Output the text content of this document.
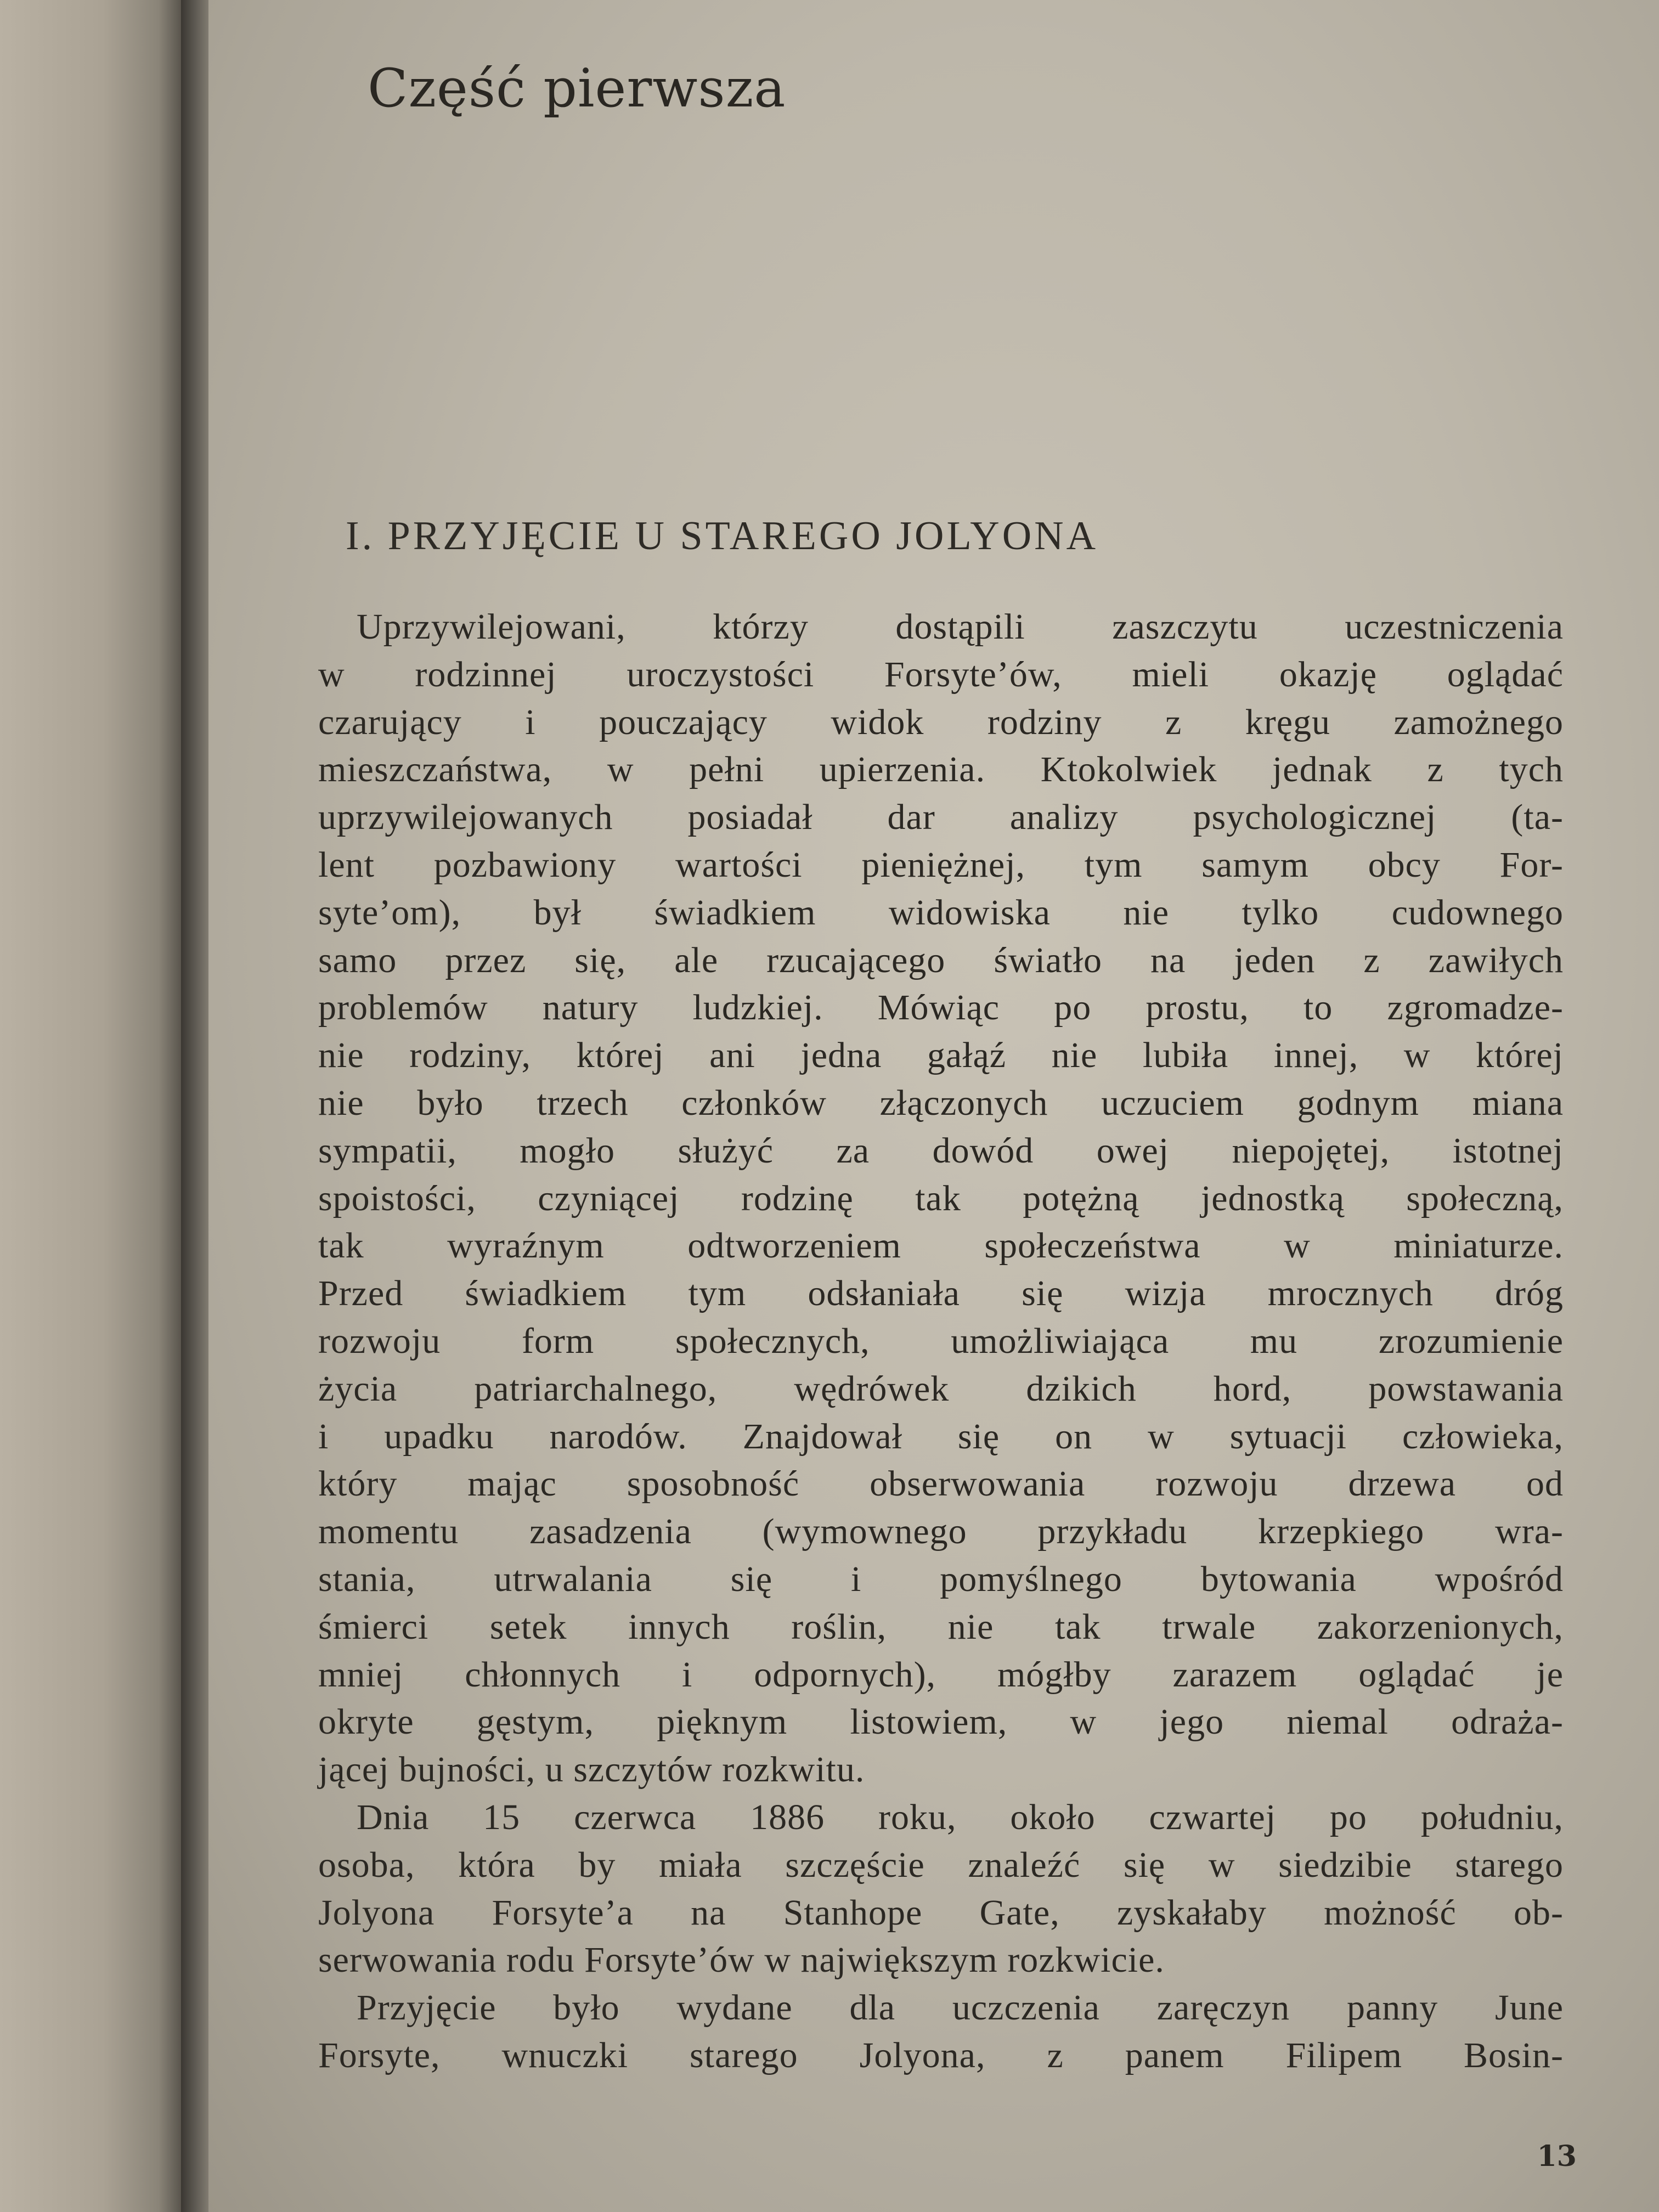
Część pierwsza
I. PRZYJĘCIE U STAREGO JOLYONA
Uprzywilejowani, którzy dostąpili zaszczytu uczestniczenia
w rodzinnej uroczystości Forsyte’ów, mieli okazję oglądać
czarujący i pouczający widok rodziny z kręgu zamożnego
mieszczaństwa, w pełni upierzenia. Ktokolwiek jednak z tych
uprzywilejowanych posiadał dar analizy psychologicznej (ta-
lent pozbawiony wartości pieniężnej, tym samym obcy For-
syte’om), był świadkiem widowiska nie tylko cudownego
samo przez się, ale rzucającego światło na jeden z zawiłych
problemów natury ludzkiej. Mówiąc po prostu, to zgromadze-
nie rodziny, której ani jedna gałąź nie lubiła innej, w której
nie było trzech członków złączonych uczuciem godnym miana
sympatii, mogło służyć za dowód owej niepojętej, istotnej
spoistości, czyniącej rodzinę tak potężną jednostką społeczną,
tak wyraźnym odtworzeniem społeczeństwa w miniaturze.
Przed świadkiem tym odsłaniała się wizja mrocznych dróg
rozwoju form społecznych, umożliwiająca mu zrozumienie
życia patriarchalnego, wędrówek dzikich hord, powstawania
i upadku narodów. Znajdował się on w sytuacji człowieka,
który mając sposobność obserwowania rozwoju drzewa od
momentu zasadzenia (wymownego przykładu krzepkiego wra-
stania, utrwalania się i pomyślnego bytowania wpośród
śmierci setek innych roślin, nie tak trwale zakorzenionych,
mniej chłonnych i odpornych), mógłby zarazem oglądać je
okryte gęstym, pięknym listowiem, w jego niemal odraża-
jącej bujności, u szczytów rozkwitu.
Dnia 15 czerwca 1886 roku, około czwartej po południu,
osoba, która by miała szczęście znaleźć się w siedzibie starego
Jolyona Forsyte’a na Stanhope Gate, zyskałaby możność ob-
serwowania rodu Forsyte’ów w największym rozkwicie.
Przyjęcie było wydane dla uczczenia zaręczyn panny June
Forsyte, wnuczki starego Jolyona, z panem Filipem Bosin-
13
